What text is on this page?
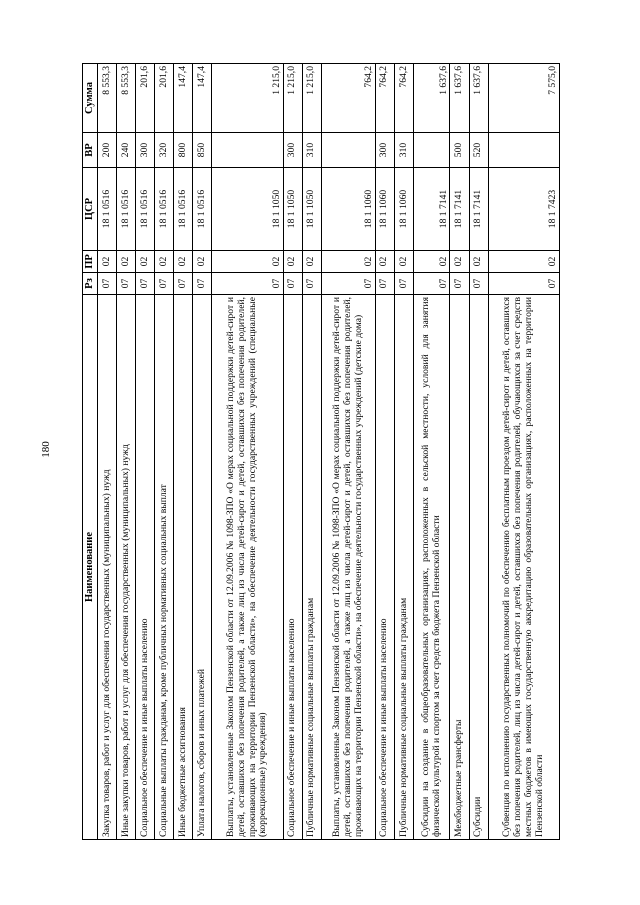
180
Наименование	Рз	ПР	ЦСР	ВР	Сумма
Закупка товаров, работ и услуг для обеспечения государственных (муниципальных) нужд	07	02	18 1 0516	200	8 553,3
Иные закупки товаров, работ и услуг для обеспечения государственных (муниципальных) нужд	07	02	18 1 0516	240	8 553,3
Социальное обеспечение и иные выплаты населению	07	02	18 1 0516	300	201,6
Социальные выплаты гражданам, кроме публичных нормативных социальных выплат	07	02	18 1 0516	320	201,6
Иные бюджетные ассигнования	07	02	18 1 0516	800	147,4
Уплата налогов, сборов и иных платежей	07	02	18 1 0516	850	147,4
Выплаты, установленные Законом Пензенской области от 12.09.2006 № 1098-ЗПО «О мерах социальной поддержки детей-сирот и детей, оставшихся без попечения родителей, а также лиц из числа детей-сирот и детей, оставшихся без попечения родителей, проживающих на территории Пензенской области», на обеспечение деятельности государственных учреждений (специальные (коррекционные) учреждения)	07	02	18 1 1050		1 215,0
Социальное обеспечение и иные выплаты населению	07	02	18 1 1050	300	1 215,0
Публичные нормативные социальные выплаты гражданам	07	02	18 1 1050	310	1 215,0
Выплаты, установленные Законом Пензенской области от 12.09.2006 № 1098-ЗПО «О мерах социальной поддержки детей-сирот и детей, оставшихся без попечения родителей, а также лиц из числа детей-сирот и детей, оставшихся без попечения родителей, проживающих на территории Пензенской области», на обеспечение деятельности государственных учреждений (детские дома)	07	02	18 1 1060		764,2
Социальное обеспечение и иные выплаты населению	07	02	18 1 1060	300	764,2
Публичные нормативные социальные выплаты гражданам	07	02	18 1 1060	310	764,2
Субсидии на создание в общеобразовательных организациях, расположенных в сельской местности, условий для занятия физической культурой и спортом за счет средств бюджета Пензенской области	07	02	18 1 7141		1 637,6
Межбюджетные трансферты	07	02	18 1 7141	500	1 637,6
Субсидии	07	02	18 1 7141	520	1 637,6
Субвенция по исполнению государственных полномочий по обеспечению бесплатным проездом детей-сирот и детей, оставшихся без попечения родителей, лиц из числа детей-сирот и детей, оставшихся без попечения родителей, обучающихся за счет средств местных бюджетов в имеющих государственную аккредитацию образовательных организациях, расположенных на территории Пензенской области	07	02	18 1 7423		7 575,0
